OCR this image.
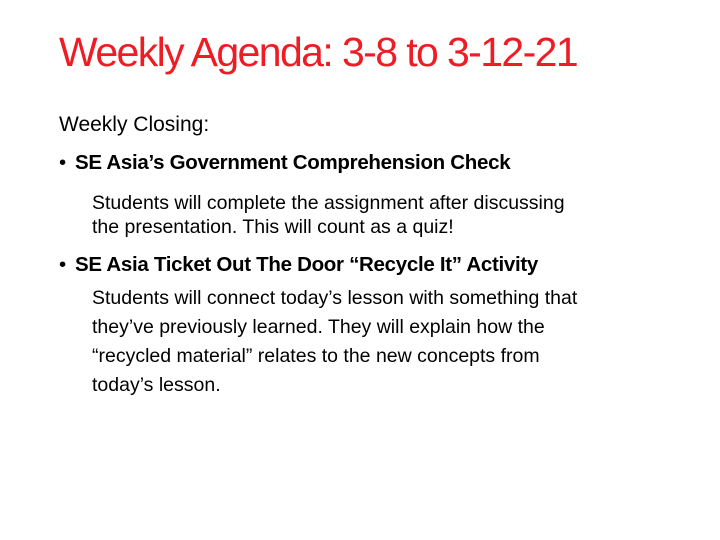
Weekly Agenda: 3-8 to 3-12-21
Weekly Closing:
• SE Asia’s Government Comprehension Check
Students will complete the assignment after discussing
the presentation. This will count as a quiz!
• SE Asia Ticket Out The Door “Recycle It” Activity
Students will connect today’s lesson with something that
they’ve previously learned. They will explain how the
“recycled material” relates to the new concepts from
today’s lesson.
